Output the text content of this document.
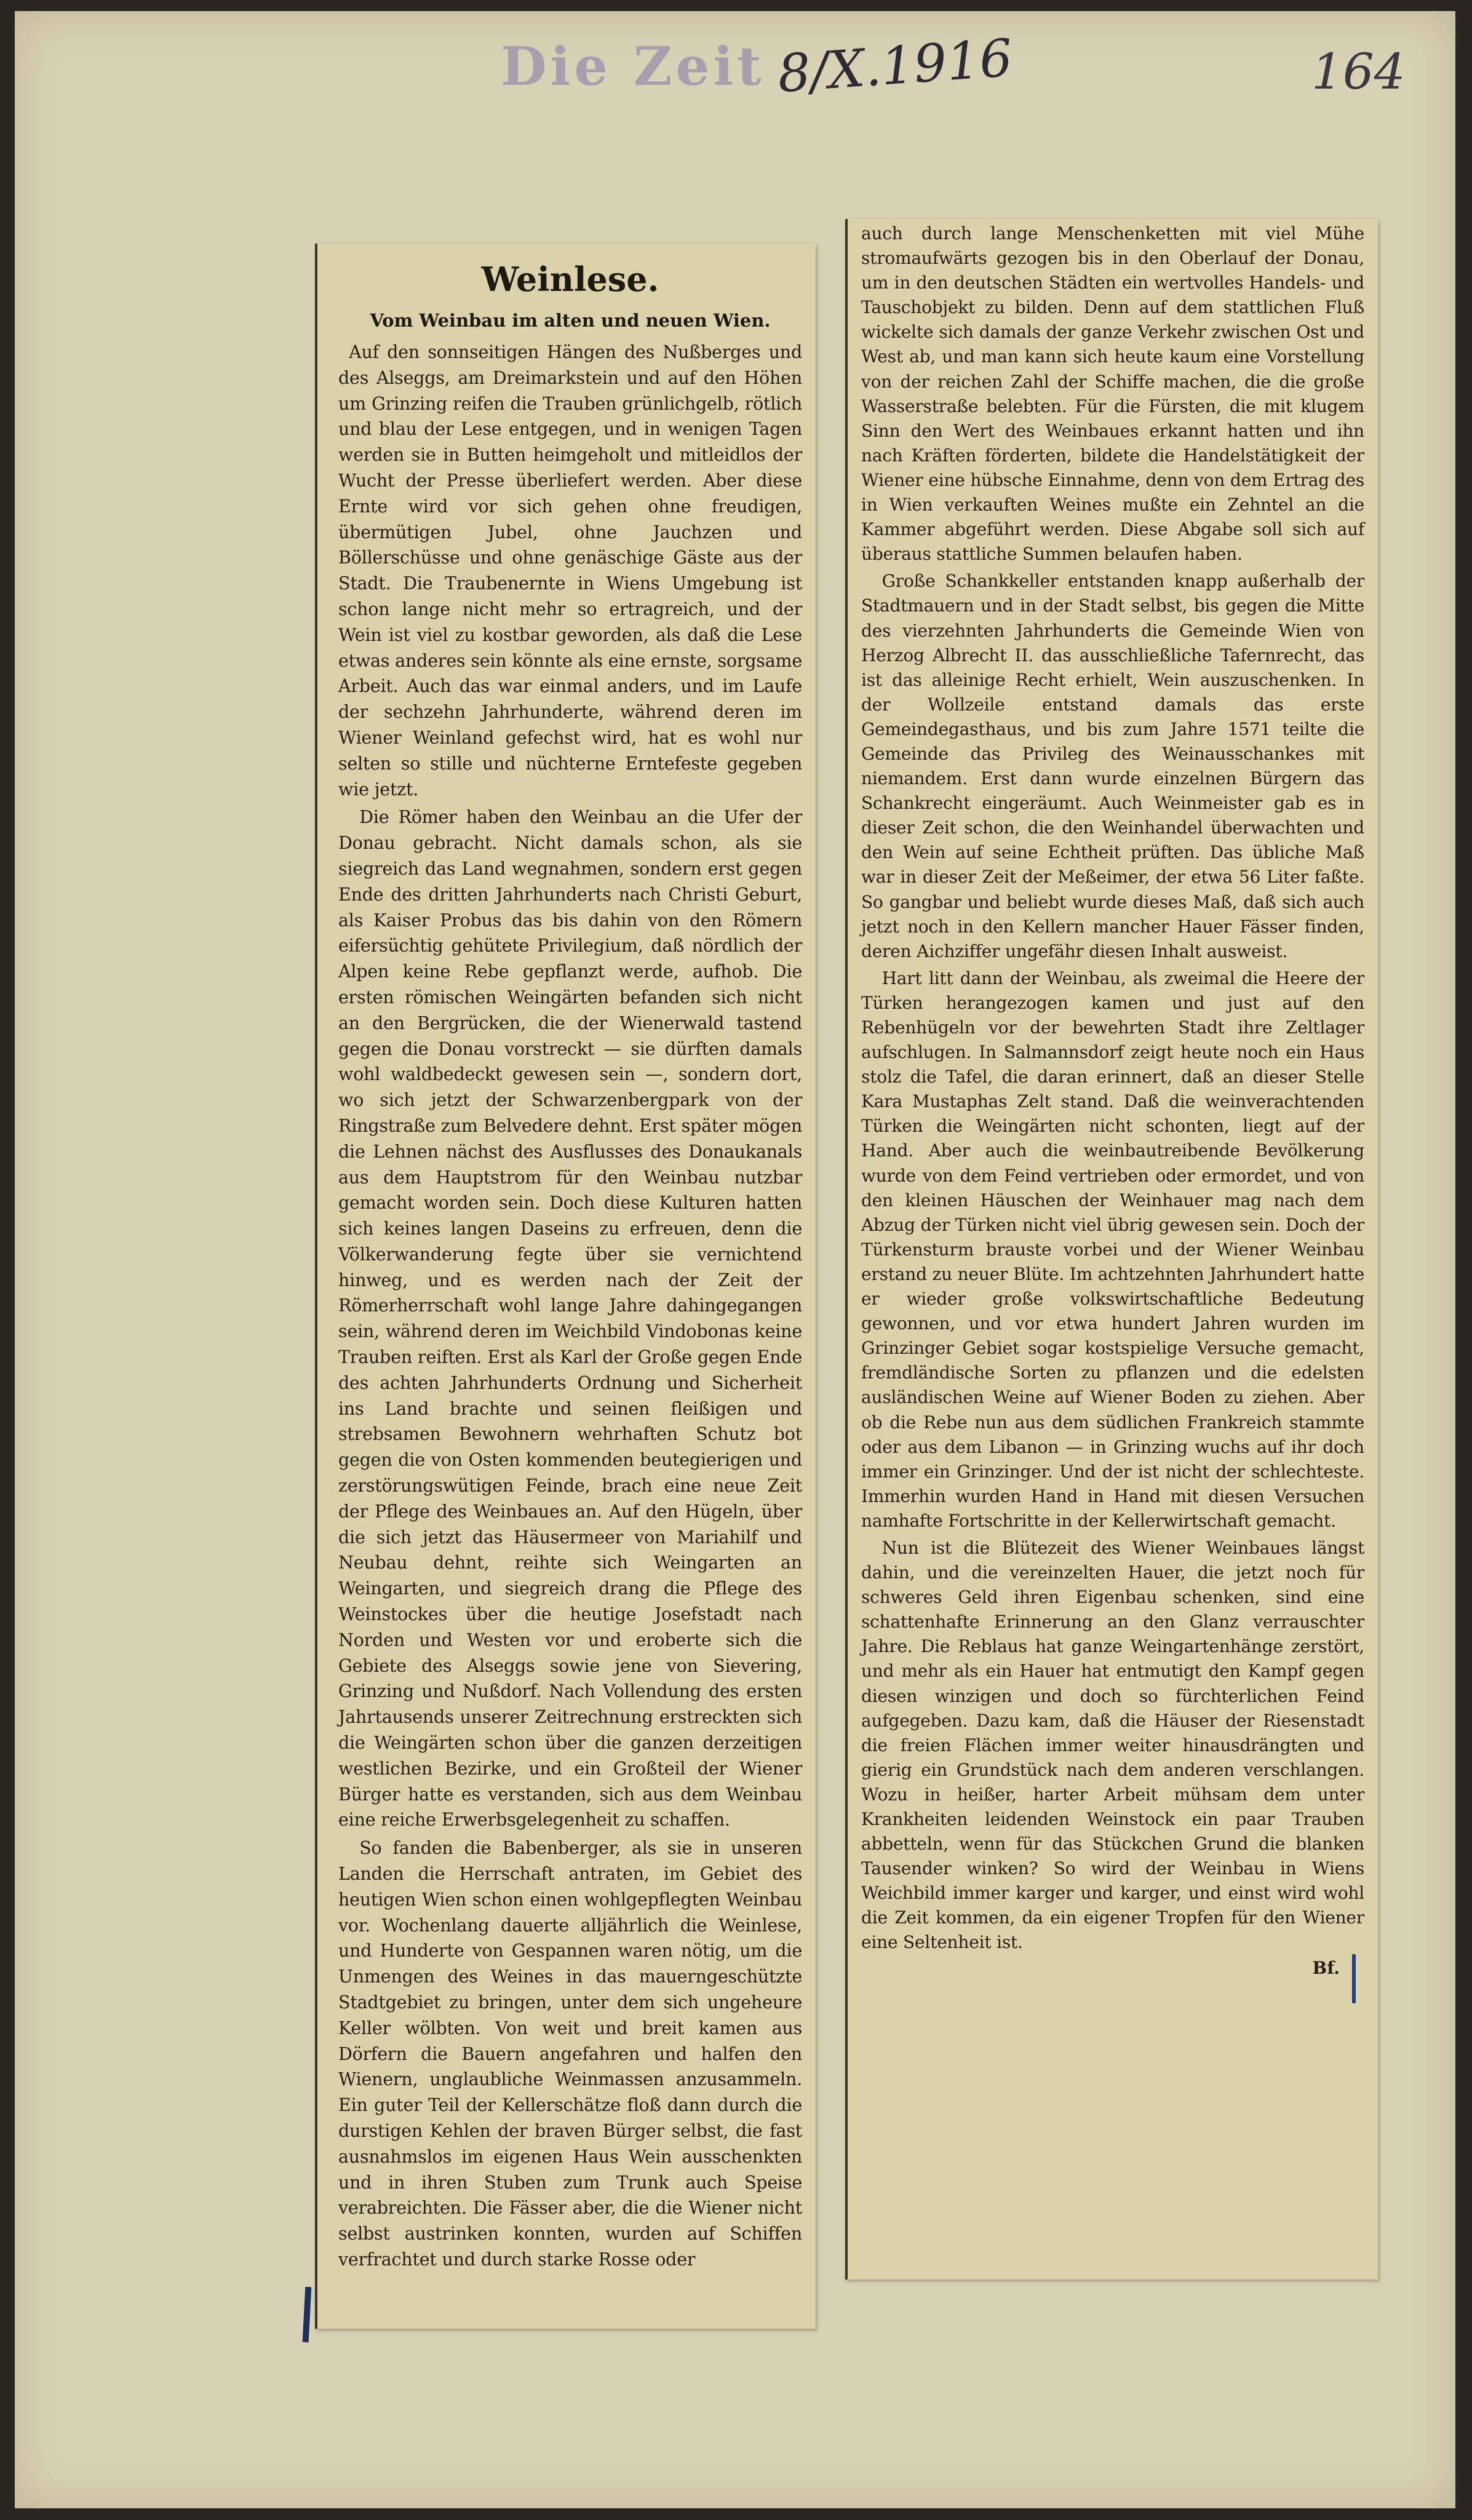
Die Zeit 8/X.1916	164
Weinlese.
Vom Weinbau im alten und neuen Wien.

Auf den sonnseitigen Hängen des Nußberges und des Alseggs, am Dreimarkstein und auf den Höhen um Grinzing reifen die Trauben grünlichgelb, rötlich und blau der Lese entgegen, und in wenigen Tagen werden sie in Butten heimgeholt und mitleidlos der Wucht der Presse überliefert werden. Aber diese Ernte wird vor sich gehen ohne freudigen, übermütigen Jubel, ohne Jauchzen und Böllerschüsse und ohne genäschige Gäste aus der Stadt. Die Traubenernte in Wiens Umgebung ist schon lange nicht mehr so ertragreich, und der Wein ist viel zu kostbar geworden, als daß die Lese etwas anderes sein könnte als eine ernste, sorgsame Arbeit. Auch das war einmal anders, und im Laufe der sechzehn Jahrhunderte, während deren im Wiener Weinland gefechst wird, hat es wohl nur selten so stille und nüchterne Erntefeste gegeben wie jetzt.

Die Römer haben den Weinbau an die Ufer der Donau gebracht. Nicht damals schon, als sie siegreich das Land wegnahmen, sondern erst gegen Ende des dritten Jahrhunderts nach Christi Geburt, als Kaiser Probus das bis dahin von den Römern eifersüchtig gehütete Privilegium, daß nördlich der Alpen keine Rebe gepflanzt werde, aufhob. Die ersten römischen Weingärten befanden sich nicht an den Bergrücken, die der Wienerwald tastend gegen die Donau vorstreckt — sie dürften damals wohl waldbedeckt gewesen sein —, sondern dort, wo sich jetzt der Schwarzenbergpark von der Ringstraße zum Belvedere dehnt. Erst später mögen die Lehnen nächst des Ausflusses des Donaukanals aus dem Hauptstrom für den Weinbau nutzbar gemacht worden sein. Doch diese Kulturen hatten sich keines langen Daseins zu erfreuen, denn die Völkerwanderung fegte über sie vernichtend hinweg, und es werden nach der Zeit der Römerherrschaft wohl lange Jahre dahingegangen sein, während deren im Weichbild Vindobonas keine Trauben reiften. Erst als Karl der Große gegen Ende des achten Jahrhunderts Ordnung und Sicherheit ins Land brachte und seinen fleißigen und strebsamen Bewohnern wehrhaften Schutz bot gegen die von Osten kommenden beutegierigen und zerstörungswütigen Feinde, brach eine neue Zeit der Pflege des Weinbaues an. Auf den Hügeln, über die sich jetzt das Häusermeer von Mariahilf und Neubau dehnt, reihte sich Weingarten an Weingarten, und siegreich drang die Pflege des Weinstockes über die heutige Josefstadt nach Norden und Westen vor und eroberte sich die Gebiete des Alseggs sowie jene von Sievering, Grinzing und Nußdorf. Nach Vollendung des ersten Jahrtausends unserer Zeitrechnung erstreckten sich die Weingärten schon über die ganzen derzeitigen westlichen Bezirke, und ein Großteil der Wiener Bürger hatte es verstanden, sich aus dem Weinbau eine reiche Erwerbsgelegenheit zu schaffen.

So fanden die Babenberger, als sie in unseren Landen die Herrschaft antraten, im Gebiet des heutigen Wien schon einen wohlgepflegten Weinbau vor. Wochenlang dauerte alljährlich die Weinlese, und Hunderte von Gespannen waren nötig, um die Unmengen des Weines in das mauerngeschützte Stadtgebiet zu bringen, unter dem sich ungeheure Keller wölbten. Von weit und breit kamen aus Dörfern die Bauern angefahren und halfen den Wienern, unglaubliche Weinmassen anzusammeln. Ein guter Teil der Kellerschätze floß dann durch die durstigen Kehlen der braven Bürger selbst, die fast ausnahmslos im eigenen Haus Wein ausschenkten und in ihren Stuben zum Trunk auch Speise verabreichten. Die Fässer aber, die die Wiener nicht selbst austrinken konnten, wurden auf Schiffen verfrachtet und durch starke Rosse oder

auch durch lange Menschenketten mit viel Mühe stromaufwärts gezogen bis in den Oberlauf der Donau, um in den deutschen Städten ein wertvolles Handels- und Tauschobjekt zu bilden. Denn auf dem stattlichen Fluß wickelte sich damals der ganze Verkehr zwischen Ost und West ab, und man kann sich heute kaum eine Vorstellung von der reichen Zahl der Schiffe machen, die die große Wasserstraße belebten. Für die Fürsten, die mit klugem Sinn den Wert des Weinbaues erkannt hatten und ihn nach Kräften förderten, bildete die Handelstätigkeit der Wiener eine hübsche Einnahme, denn von dem Ertrag des in Wien verkauften Weines mußte ein Zehntel an die Kammer abgeführt werden. Diese Abgabe soll sich auf überaus stattliche Summen belaufen haben.

Große Schankkeller entstanden knapp außerhalb der Stadtmauern und in der Stadt selbst, bis gegen die Mitte des vierzehnten Jahrhunderts die Gemeinde Wien von Herzog Albrecht II. das ausschließliche Tafernrecht, das ist das alleinige Recht erhielt, Wein auszuschenken. In der Wollzeile entstand damals das erste Gemeindegasthaus, und bis zum Jahre 1571 teilte die Gemeinde das Privileg des Weinausschankes mit niemandem. Erst dann wurde einzelnen Bürgern das Schankrecht eingeräumt. Auch Weinmeister gab es in dieser Zeit schon, die den Weinhandel überwachten und den Wein auf seine Echtheit prüften. Das übliche Maß war in dieser Zeit der Meßeimer, der etwa 56 Liter faßte. So gangbar und beliebt wurde dieses Maß, daß sich auch jetzt noch in den Kellern mancher Hauer Fässer finden, deren Aichziffer ungefähr diesen Inhalt ausweist.

Hart litt dann der Weinbau, als zweimal die Heere der Türken herangezogen kamen und just auf den Rebenhügeln vor der bewehrten Stadt ihre Zeltlager aufschlugen. In Salmannsdorf zeigt heute noch ein Haus stolz die Tafel, die daran erinnert, daß an dieser Stelle Kara Mustaphas Zelt stand. Daß die weinverachtenden Türken die Weingärten nicht schonten, liegt auf der Hand. Aber auch die weinbautreibende Bevölkerung wurde von dem Feind vertrieben oder ermordet, und von den kleinen Häuschen der Weinhauer mag nach dem Abzug der Türken nicht viel übrig gewesen sein. Doch der Türkensturm brauste vorbei und der Wiener Weinbau erstand zu neuer Blüte. Im achtzehnten Jahrhundert hatte er wieder große volkswirtschaftliche Bedeutung gewonnen, und vor etwa hundert Jahren wurden im Grinzinger Gebiet sogar kostspielige Versuche gemacht, fremdländische Sorten zu pflanzen und die edelsten ausländischen Weine auf Wiener Boden zu ziehen. Aber ob die Rebe nun aus dem südlichen Frankreich stammte oder aus dem Libanon — in Grinzing wuchs auf ihr doch immer ein Grinzinger. Und der ist nicht der schlechteste. Immerhin wurden Hand in Hand mit diesen Versuchen namhafte Fortschritte in der Kellerwirtschaft gemacht.

Nun ist die Blütezeit des Wiener Weinbaues längst dahin, und die vereinzelten Hauer, die jetzt noch für schweres Geld ihren Eigenbau schenken, sind eine schattenhafte Erinnerung an den Glanz verrauschter Jahre. Die Reblaus hat ganze Weingartenhänge zerstört, und mehr als ein Hauer hat entmutigt den Kampf gegen diesen winzigen und doch so fürchterlichen Feind aufgegeben. Dazu kam, daß die Häuser der Riesenstadt die freien Flächen immer weiter hinausdrängten und gierig ein Grundstück nach dem anderen verschlangen. Wozu in heißer, harter Arbeit mühsam dem unter Krankheiten leidenden Weinstock ein paar Trauben abbetteln, wenn für das Stückchen Grund die blanken Tausender winken? So wird der Weinbau in Wiens Weichbild immer karger und karger, und einst wird wohl die Zeit kommen, da ein eigener Tropfen für den Wiener eine Seltenheit ist.

Bf.
